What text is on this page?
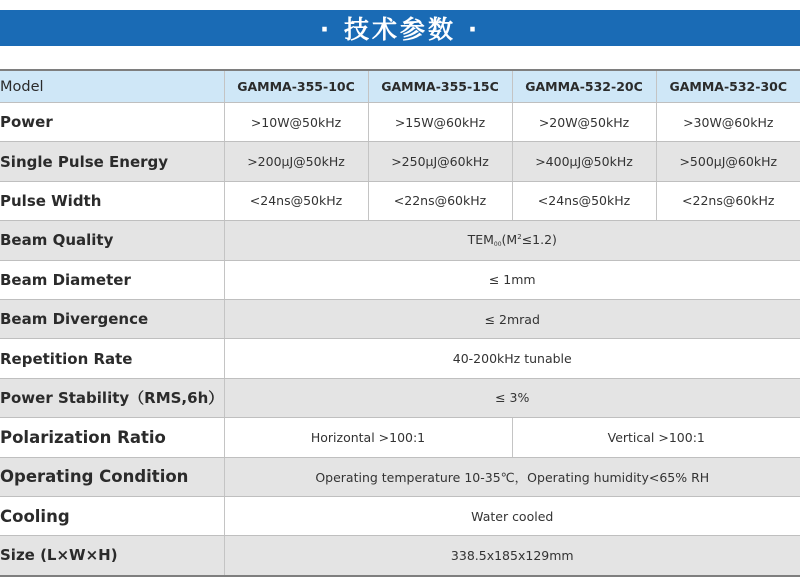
· 技术参数 ·
Model	GAMMA-355-10C	GAMMA-355-15C	GAMMA-532-20C	GAMMA-532-30C
Power	>10W@50kHz	>15W@60kHz	>20W@50kHz	>30W@60kHz
Single Pulse Energy	>200μJ@50kHz	>250μJ@60kHz	>400μJ@50kHz	>500μJ@60kHz
Pulse Width	<24ns@50kHz	<22ns@60kHz	<24ns@50kHz	<22ns@60kHz
Beam Quality	$TEM_{00}(M^2\le 1.2)$			
Beam Diameter	≤ 1mm			
Beam Divergence	≤ 2mrad			
Repetition Rate	40-200kHz tunable			
Power Stability（RMS,6h）	≤ 3%			
Polarization Ratio	Horizontal >100:1		Vertical >100:1	
Operating Condition	Operating temperature 10-35℃，Operating humidity<65% RH			
Cooling	Water cooled			
Size (L×W×H)	338.5x185x129mm			
